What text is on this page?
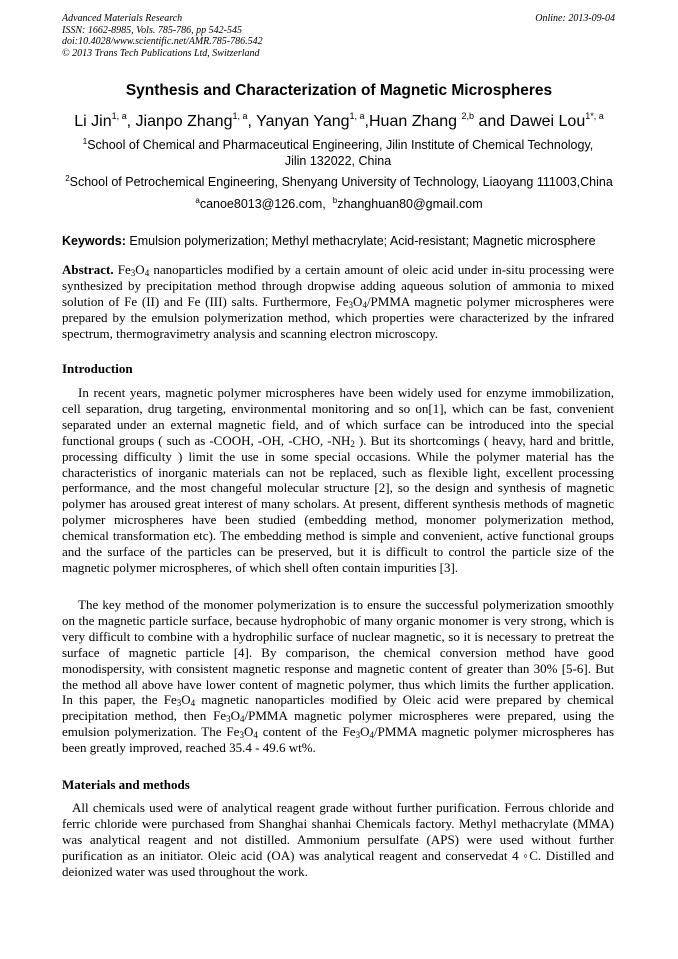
Advanced Materials Research
ISSN: 1662-8985, Vols. 785-786, pp 542-545
doi:10.4028/www.scientific.net/AMR.785-786.542
© 2013 Trans Tech Publications Ltd, Switzerland
Online: 2013-09-04
Synthesis and Characterization of Magnetic Microspheres
Li Jin$^{1, a}$, Jianpo Zhang$^{1, a}$, Yanyan Yang$^{1, a}$,Huan Zhang $^{2,b}$ and Dawei Lou$^{1*, a}$
$^1$School of Chemical and Pharmaceutical Engineering, Jilin Institute of Chemical Technology,
Jilin 132022, China
$^2$School of Petrochemical Engineering, Shenyang University of Technology, Liaoyang 111003,China
$^a$canoe8013@126.com, $^b$zhanghuan80@gmail.com
Keywords: Emulsion polymerization; Methyl methacrylate; Acid-resistant; Magnetic microsphere
Abstract. $Fe_3O_4$ nanoparticles modified by a certain amount of oleic acid under in-situ processing were synthesized by precipitation method through dropwise adding aqueous solution of ammonia to mixed solution of Fe (II) and Fe (III) salts. Furthermore, $Fe_3O_4$/PMMA magnetic polymer microspheres were prepared by the emulsion polymerization method, which properties were characterized by the infrared spectrum, thermogravimetry analysis and scanning electron microscopy.
Introduction
In recent years, magnetic polymer microspheres have been widely used for enzyme immobilization, cell separation, drug targeting, environmental monitoring and so on[1], which can be fast, convenient separated under an external magnetic field, and of which surface can be introduced into the special functional groups ( such as -COOH, -OH, -CHO, $-NH_2$ ). But its shortcomings ( heavy, hard and brittle, processing difficulty ) limit the use in some special occasions. While the polymer material has the characteristics of inorganic materials can not be replaced, such as flexible light, excellent processing performance, and the most changeful molecular structure [2], so the design and synthesis of magnetic polymer has aroused great interest of many scholars. At present, different synthesis methods of magnetic polymer microspheres have been studied (embedding method, monomer polymerization method, chemical transformation etc). The embedding method is simple and convenient, active functional groups and the surface of the particles can be preserved, but it is difficult to control the particle size of the magnetic polymer microspheres, of which shell often contain impurities [3].
The key method of the monomer polymerization is to ensure the successful polymerization smoothly on the magnetic particle surface, because hydrophobic of many organic monomer is very strong, which is very difficult to combine with a hydrophilic surface of nuclear magnetic, so it is necessary to pretreat the surface of magnetic particle [4]. By comparison, the chemical conversion method have good monodispersity, with consistent magnetic response and magnetic content of greater than 30% [5-6]. But the method all above have lower content of magnetic polymer, thus which limits the further application. In this paper, the $Fe_3O_4$ magnetic nanoparticles modified by Oleic acid were prepared by chemical precipitation method, then $Fe_3O_4$/PMMA magnetic polymer microspheres were prepared, using the emulsion polymerization. The $Fe_3O_4$ content of the $Fe_3O_4$/PMMA magnetic polymer microspheres has been greatly improved, reached 35.4 - 49.6 wt%.
Materials and methods
All chemicals used were of analytical reagent grade without further purification. Ferrous chloride and ferric chloride were purchased from Shanghai shanhai Chemicals factory. Methyl methacrylate (MMA) was analytical reagent and not distilled. Ammonium persulfate (APS) were used without further purification as an initiator. Oleic acid (OA) was analytical reagent and conservedat 4 ◦C. Distilled and deionized water was used throughout the work.
